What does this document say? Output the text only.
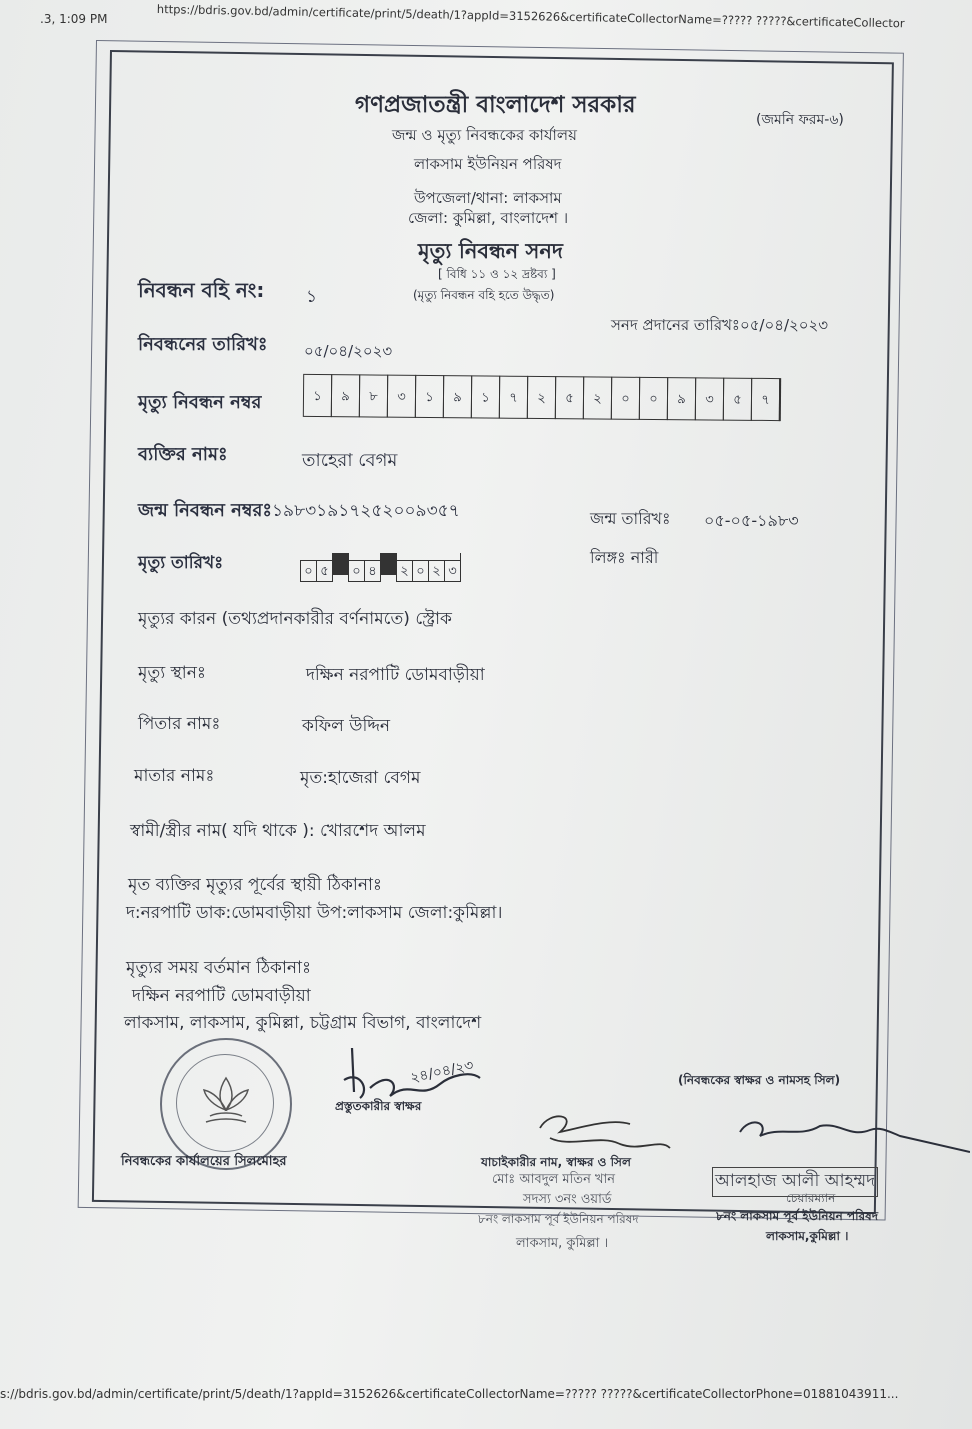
.3, 1:09 PM	https://bdris.gov.bd/admin/certificate/print/5/death/1?appId=3152626&certificateCollectorName=????? ?????&certificateCollector
s://bdris.gov.bd/admin/certificate/print/5/death/1?appId=3152626&certificateCollectorName=????? ?????&certificateCollectorPhone=01881043911...
গণপ্রজাতন্ত্রী বাংলাদেশ সরকার
(জমনি ফরম-৬)
জন্ম ও মৃত্যু নিবন্ধকের কার্যালয়
লাকসাম ইউনিয়ন পরিষদ
উপজেলা/থানা: লাকসাম
জেলা: কুমিল্লা, বাংলাদেশ ।
মৃত্যু নিবন্ধন সনদ
[ বিধি ১১ ও ১২ দ্রষ্টব্য ]
(মৃত্যু নিবন্ধন বহি হতে উদ্ধৃত)
নিবন্ধন বহি নং: ১
সনদ প্রদানের তারিখঃ০৫/০৪/২০২৩
নিবন্ধনের তারিখঃ ০৫/০৪/২০২৩
মৃত্যু নিবন্ধন নম্বর	১ ৯ ৮ ৩ ১ ৯ ১ ৭ ২ ৫ ২ ০ ০ ৯ ৩ ৫ ৭
ব্যক্তির নামঃ	তাহেরা বেগম
জন্ম নিবন্ধন নম্বরঃ১৯৮৩১৯১৭২৫২০০৯৩৫৭	জন্ম তারিখঃ ০৫-০৫-১৯৮৩
মৃত্যু তারিখঃ	০ ৫ ০ ৪ ২ ০ ২ ৩
লিঙ্গঃ নারী
মৃত্যুর কারন (তথ্যপ্রদানকারীর বর্ণনামতে) স্ট্রোক
মৃত্যু স্থানঃ	দক্ষিন নরপাটি ডোমবাড়ীয়া
পিতার নামঃ	কফিল উদ্দিন
মাতার নামঃ	মৃত:হাজেরা বেগম
স্বামী/স্ত্রীর নাম( যদি থাকে ): খোরশেদ আলম
মৃত ব্যক্তির মৃত্যুর পূর্বের স্থায়ী ঠিকানাঃ
দ:নরপাটি ডাক:ডোমবাড়ীয়া উপ:লাকসাম জেলা:কুমিল্লা।
মৃত্যুর সময় বর্তমান ঠিকানাঃ
দক্ষিন নরপাটি ডোমবাড়ীয়া
লাকসাম, লাকসাম, কুমিল্লা, চট্টগ্রাম বিভাগ, বাংলাদেশ
২৪/০৪/২৩	(নিবন্ধকের স্বাক্ষর ও নামসহ সিল)
প্রস্তুতকারীর স্বাক্ষর
নিবন্ধকের কার্যালয়ের সিলমোহর	যাচাইকারীর নাম, স্বাক্ষর ও সিল
মোঃ আবদুল মতিন খান
সদস্য ৩নং ওয়ার্ড
৮নং লাকসাম পূর্ব ইউনিয়ন পরিষদ
লাকসাম, কুমিল্লা ।
আলহাজ আলী আহম্মদ
চেয়ারম্যান
৮নং লাকসাম পূর্ব ইউনিয়ন পরিষদ
লাকসাম,কুমিল্লা ।
